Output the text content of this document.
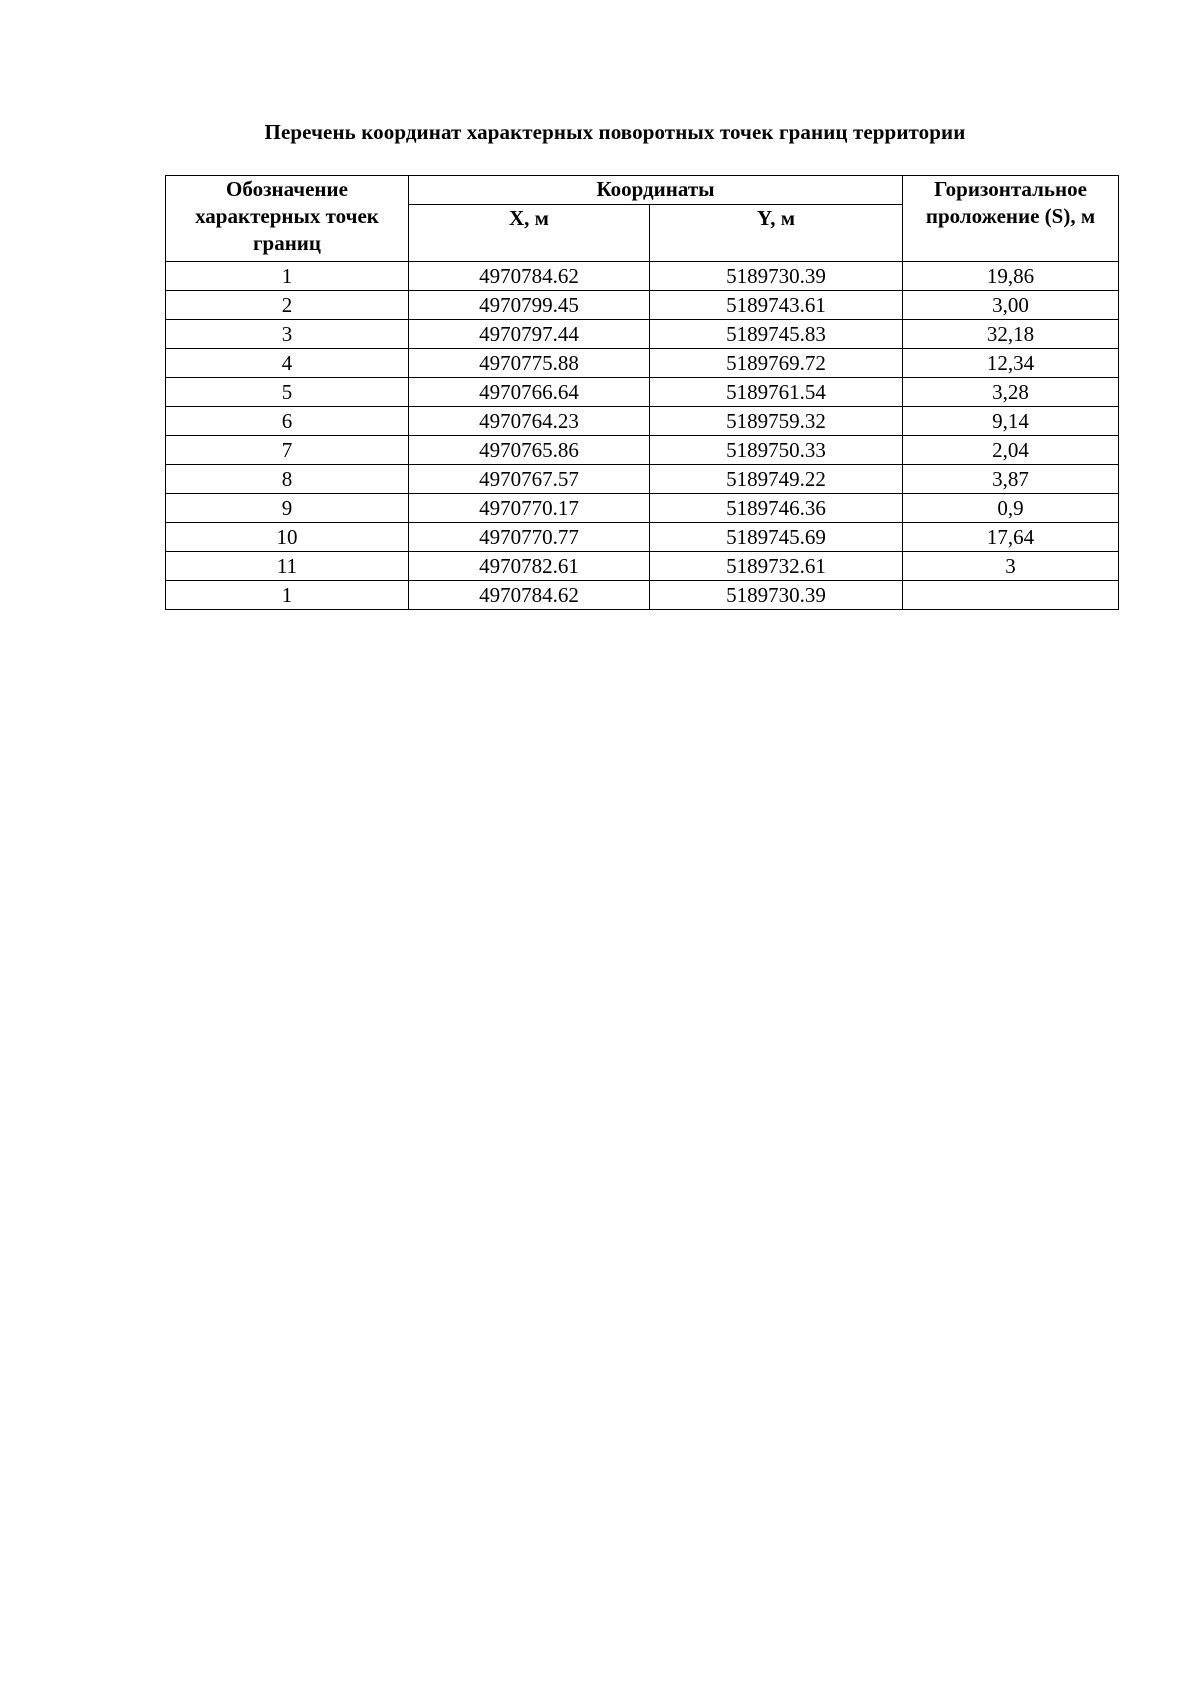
Перечень координат характерных поворотных точек границ территории
Обозначение характерных точек границ	Координаты		Горизонтальное проложение (S), м
	X, м	Y, м	
1	4970784.62	5189730.39	19,86
2	4970799.45	5189743.61	3,00
3	4970797.44	5189745.83	32,18
4	4970775.88	5189769.72	12,34
5	4970766.64	5189761.54	3,28
6	4970764.23	5189759.32	9,14
7	4970765.86	5189750.33	2,04
8	4970767.57	5189749.22	3,87
9	4970770.17	5189746.36	0,9
10	4970770.77	5189745.69	17,64
11	4970782.61	5189732.61	3
1	4970784.62	5189730.39	
